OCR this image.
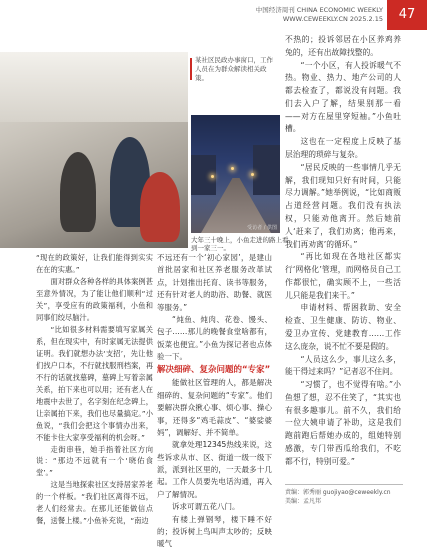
中国经济周刊 CHINA ECONOMIC WEEKLY
WWW.CEWEEKLY.CN 2025.2.15	47
某社区民政办事窗口，工作人员在为群众解读相关政策。
受访者 / 供图
大年三十晚上，小鱼走进的路上看到一家三一。

“现在的政策好，让我们能得到实实在在的实惠。”

面对群众各种各样的具体案例甚至意外情况，为了能让他们顺利“过关”，享受应有的政策福利，小鱼和同事们绞尽脑汁。

“比如很多材料需要填写家属关系，但在现实中，有时家属无法提供证明。我们就想办法‘支招’，先让他们找户口本，不行就找服刑档案，再不行的话就找墓碑，墓碑上写着亲属关系，拍下来也可以用；还有老人在地震中去世了，名字刻在纪念碑上，让亲属拍下来，我们也尽量搞定。”小鱼说，“我们会把这个事情办出来，不能卡住大家享受福利的机会呀。”

走街串巷，她手指着社区方向说：“那边不远就有一个‘晓佑食堂’。”

这是当地探索社区支持居家养老的一个样板。“我们社区离得不远，老人们经常去。在那儿还能做信点餐，送餐上楼。”小鱼补充说，“南边

不远还有一个‘初心家园’，是建山首批居家和社区养老服务改革试点，计划推出托育、读书等服务，还有针对老人的助浴、助餐、就医等服务。”

“炖鱼、炖肉、花卷、馒头、包子……那儿的晚餐食堂啥都有，饭菜也便宜。”小鱼为探记者也点体验一下。

解决细碎、复杂问题的“专家”

能做社区管理的人，都是解决细碎的、复杂问题的“专家”。他们要解决群众揪心事、烦心事、操心事，还得多“鸡毛蒜皮”、“婆娑婆妈”，调解好、并不简单。

就拿处理12345热线来说，这些诉求从市、区、街道一级一级下派，派到社区里的，一天最多十几起。工作人员要先电话沟通，再入户了解情况。

诉求可谓五花八门。

有楼上弹钢琴，楼下睡不好的；投诉树上鸟叫声太吵的；反映暖气

不热的；投诉邻居在小区养鸡养兔的，还有出故障找整的。

“一个小区，有人投诉暖气不热。物业、热力、地产公司的人都去检查了，都说没有问题。我们去入户了解，结果别那一看——对方在屋里穿短袖。”小鱼吐槽。

这也在一定程度上反映了基层治理的琐碎与复杂。

“居民反映的一些事情几乎无解，我们现知只好有时间，只能尽力调解。”她举例说，“比如商贩占道经营问题。我们没有执法权，只能劝他离开。然后她前人‘赶来了，我们劝离；他再来，我们再劝离’的循环。”

“再比如现在各地社区都实行‘网格化’管理，而网格员自己工作都很忙，确实顾不上，一些活儿只能是我们来干。”

申请材料、帮困救助、安全检查、卫生健康、防访、物业、爱卫办宣传、党建教育……工作这么庞杂，说不忙不要是假的。

“人员这么少，事儿这么多，能干得过来吗？”记者忍不住问。

“习惯了，也不觉得有啥。”小鱼想了想，忍不住笑了，“其实也有很多趣事儿。前不久，我们给一位大姨申请了补助，这是我们跑前跑后帮她办成的，组她特别感激，专门带西瓜给我们，不吃都不行，特别可爱。”

责编：郭秀丽 guojiyao@ceweekly.cn
美编：孟凡邦
